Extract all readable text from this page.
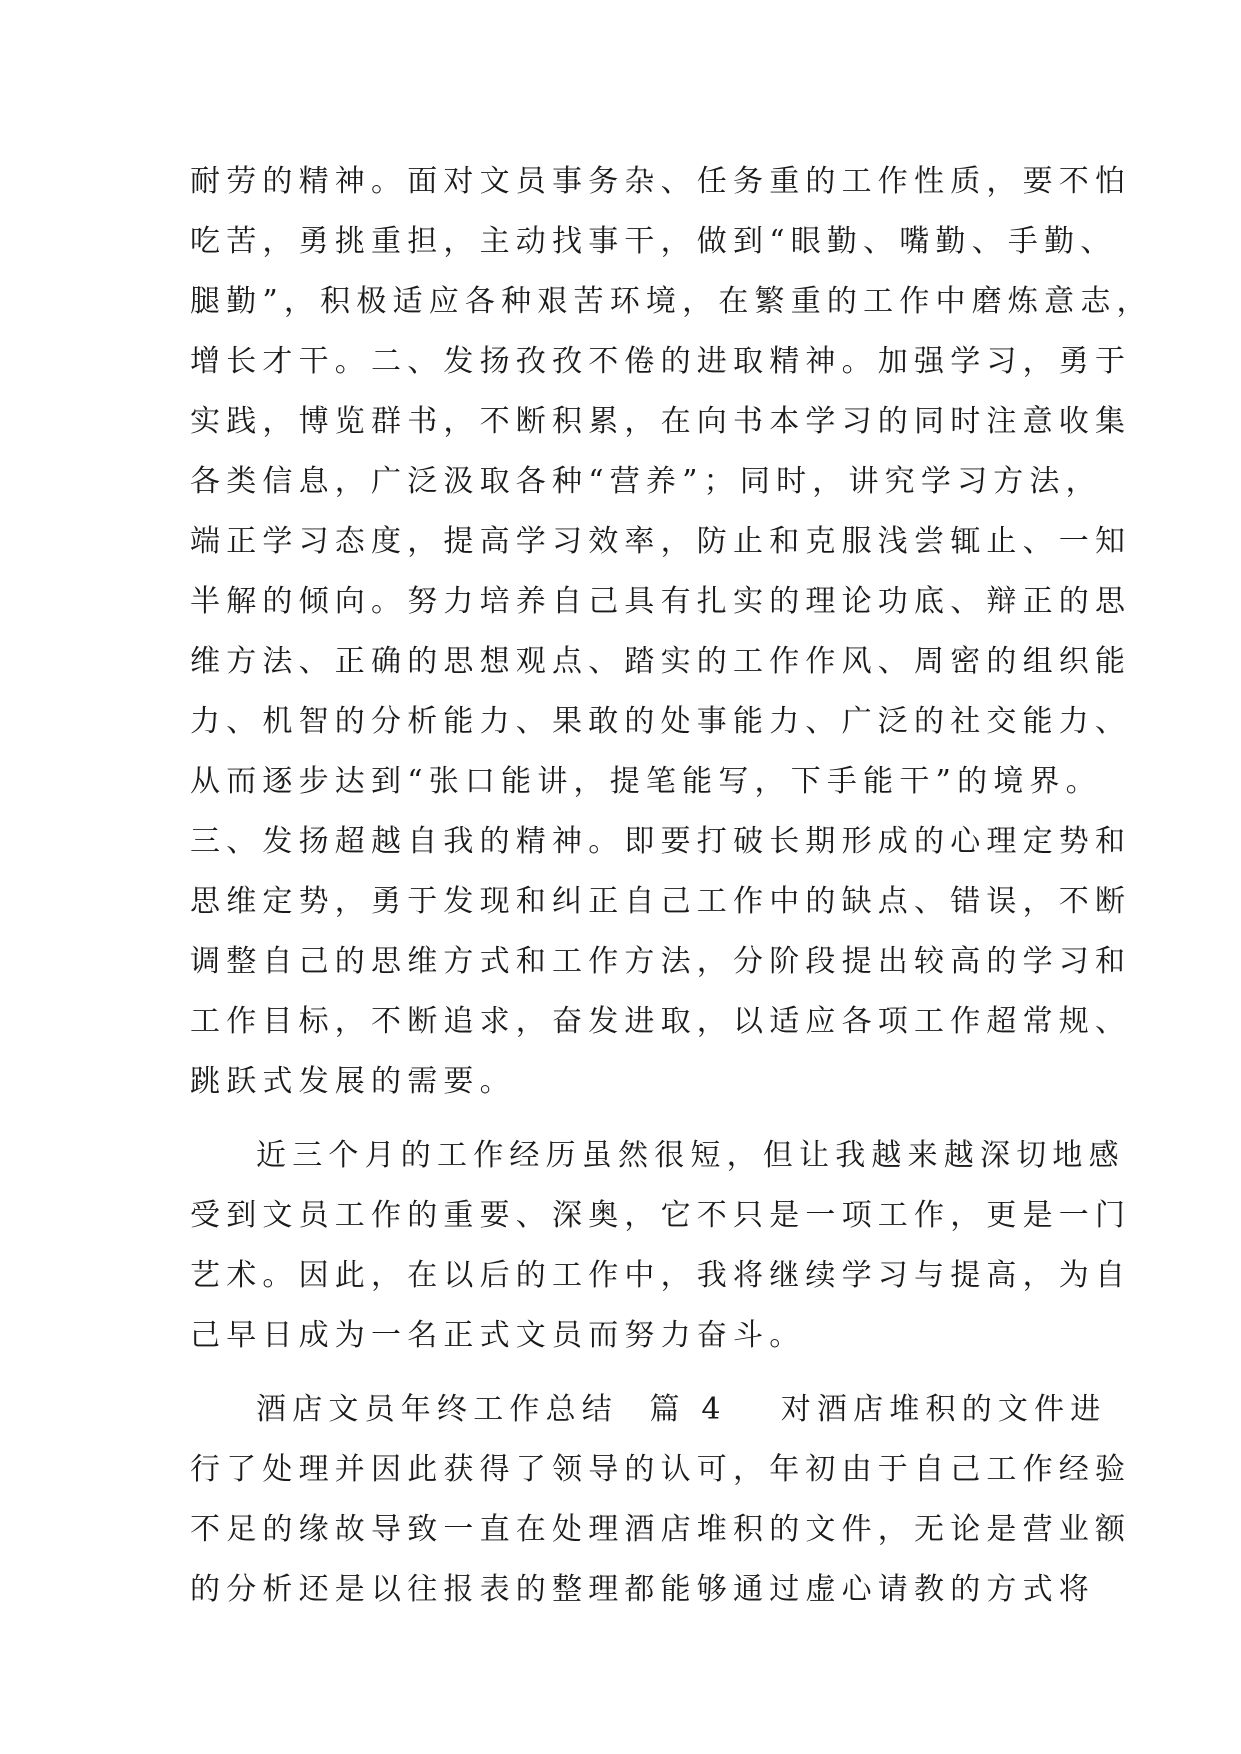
耐劳的精神。面对文员事务杂、任务重的工作性质，要不怕
吃苦，勇挑重担，主动找事干，做到“眼勤、嘴勤、手勤、
腿勤”，积极适应各种艰苦环境，在繁重的工作中磨炼意志，
增长才干。二、发扬孜孜不倦的进取精神。加强学习，勇于
实践，博览群书，不断积累，在向书本学习的同时注意收集
各类信息，广泛汲取各种“营养”；同时，讲究学习方法，
端正学习态度，提高学习效率，防止和克服浅尝辄止、一知
半解的倾向。努力培养自己具有扎实的理论功底、辩正的思
维方法、正确的思想观点、踏实的工作作风、周密的组织能
力、机智的分析能力、果敢的处事能力、广泛的社交能力、
从而逐步达到“张口能讲，提笔能写，下手能干”的境界。
三、发扬超越自我的精神。即要打破长期形成的心理定势和
思维定势，勇于发现和纠正自己工作中的缺点、错误，不断
调整自己的思维方式和工作方法，分阶段提出较高的学习和
工作目标，不断追求，奋发进取，以适应各项工作超常规、
跳跃式发展的需要。
近三个月的工作经历虽然很短，但让我越来越深切地感
受到文员工作的重要、深奥，它不只是一项工作，更是一门
艺术。因此，在以后的工作中，我将继续学习与提高，为自
己早日成为一名正式文员而努力奋斗。
酒店文员年终工作总结  篇 4 对酒店堆积的文件进
行了处理并因此获得了领导的认可，年初由于自己工作经验
不足的缘故导致一直在处理酒店堆积的文件，无论是营业额
的分析还是以往报表的整理都能够通过虚心请教的方式将
